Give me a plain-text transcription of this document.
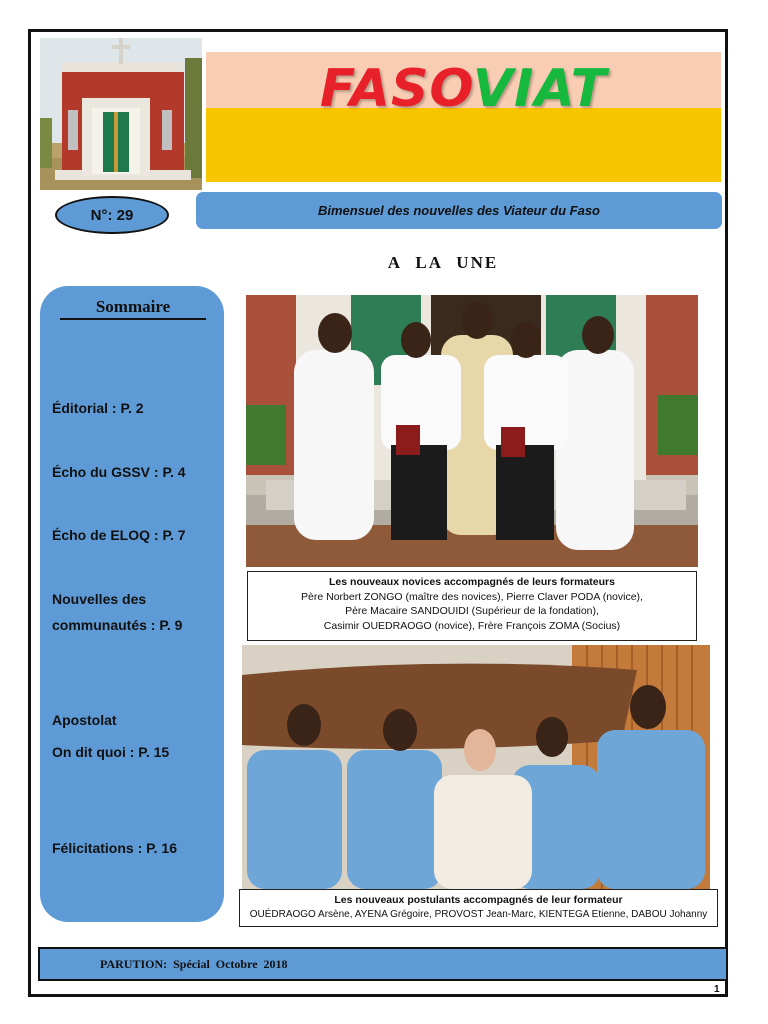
FASOVIAT
N°: 29	Bimensuel des nouvelles des Viateur du Faso
A LA UNE
Sommaire
Éditorial : P. 2
Écho du GSSV : P. 4
Écho de ELOQ : P. 7
Nouvelles des
communautés : P. 9
Apostolat
On dit quoi : P. 15
Félicitations : P. 16
Les nouveaux novices accompagnés de leurs formateurs
Père Norbert ZONGO (maître des novices), Pierre Claver PODA (novice),
Père Macaire SANDOUIDI (Supérieur de la fondation),
Casimir OUEDRAOGO (novice), Frère François ZOMA (Socius)
Les nouveaux postulants accompagnés de leur formateur
OUÉDRAOGO Arsène, AYENA Grégoire, PROVOST Jean-Marc, KIENTEGA Etienne, DABOU Johanny
PARUTION: Spécial Octobre 2018
1
